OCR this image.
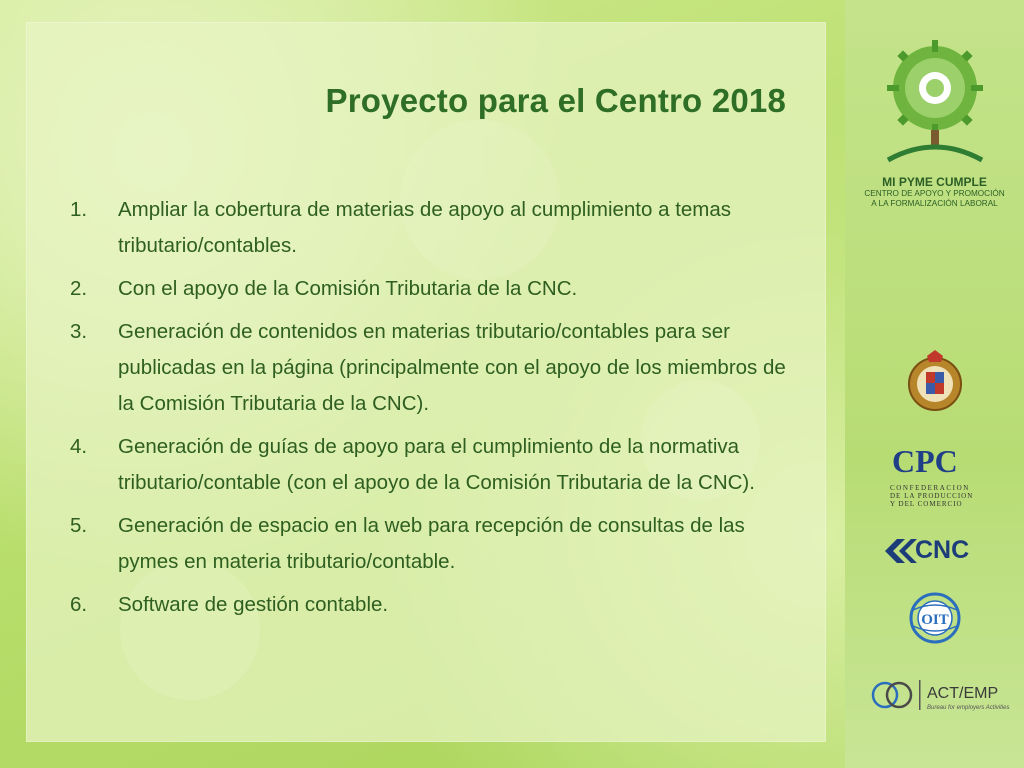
Proyecto para el Centro 2018
1. Ampliar la cobertura de materias de apoyo al cumplimiento a temas tributario/contables.
2. Con el apoyo de la Comisión Tributaria de la CNC.
3. Generación de contenidos en materias tributario/contables para ser publicadas en la página (principalmente con el apoyo de los miembros de la Comisión Tributaria de la CNC).
4. Generación de guías de apoyo para el cumplimiento de la normativa tributario/contable (con el apoyo de la Comisión Tributaria de la CNC).
5. Generación de espacio en la web para recepción de consultas de las pymes en materia tributario/contable.
6. Software de gestión contable.
MI PYME CUMPLE
CENTRO DE APOYO Y PROMOCIÓN
A LA FORMALIZACIÓN LABORAL
CPC
CONFEDERACION
DE LA PRODUCCION
Y DEL COMERCIO
CNC
OIT
ACT/EMP
Bureau for employers Activities
